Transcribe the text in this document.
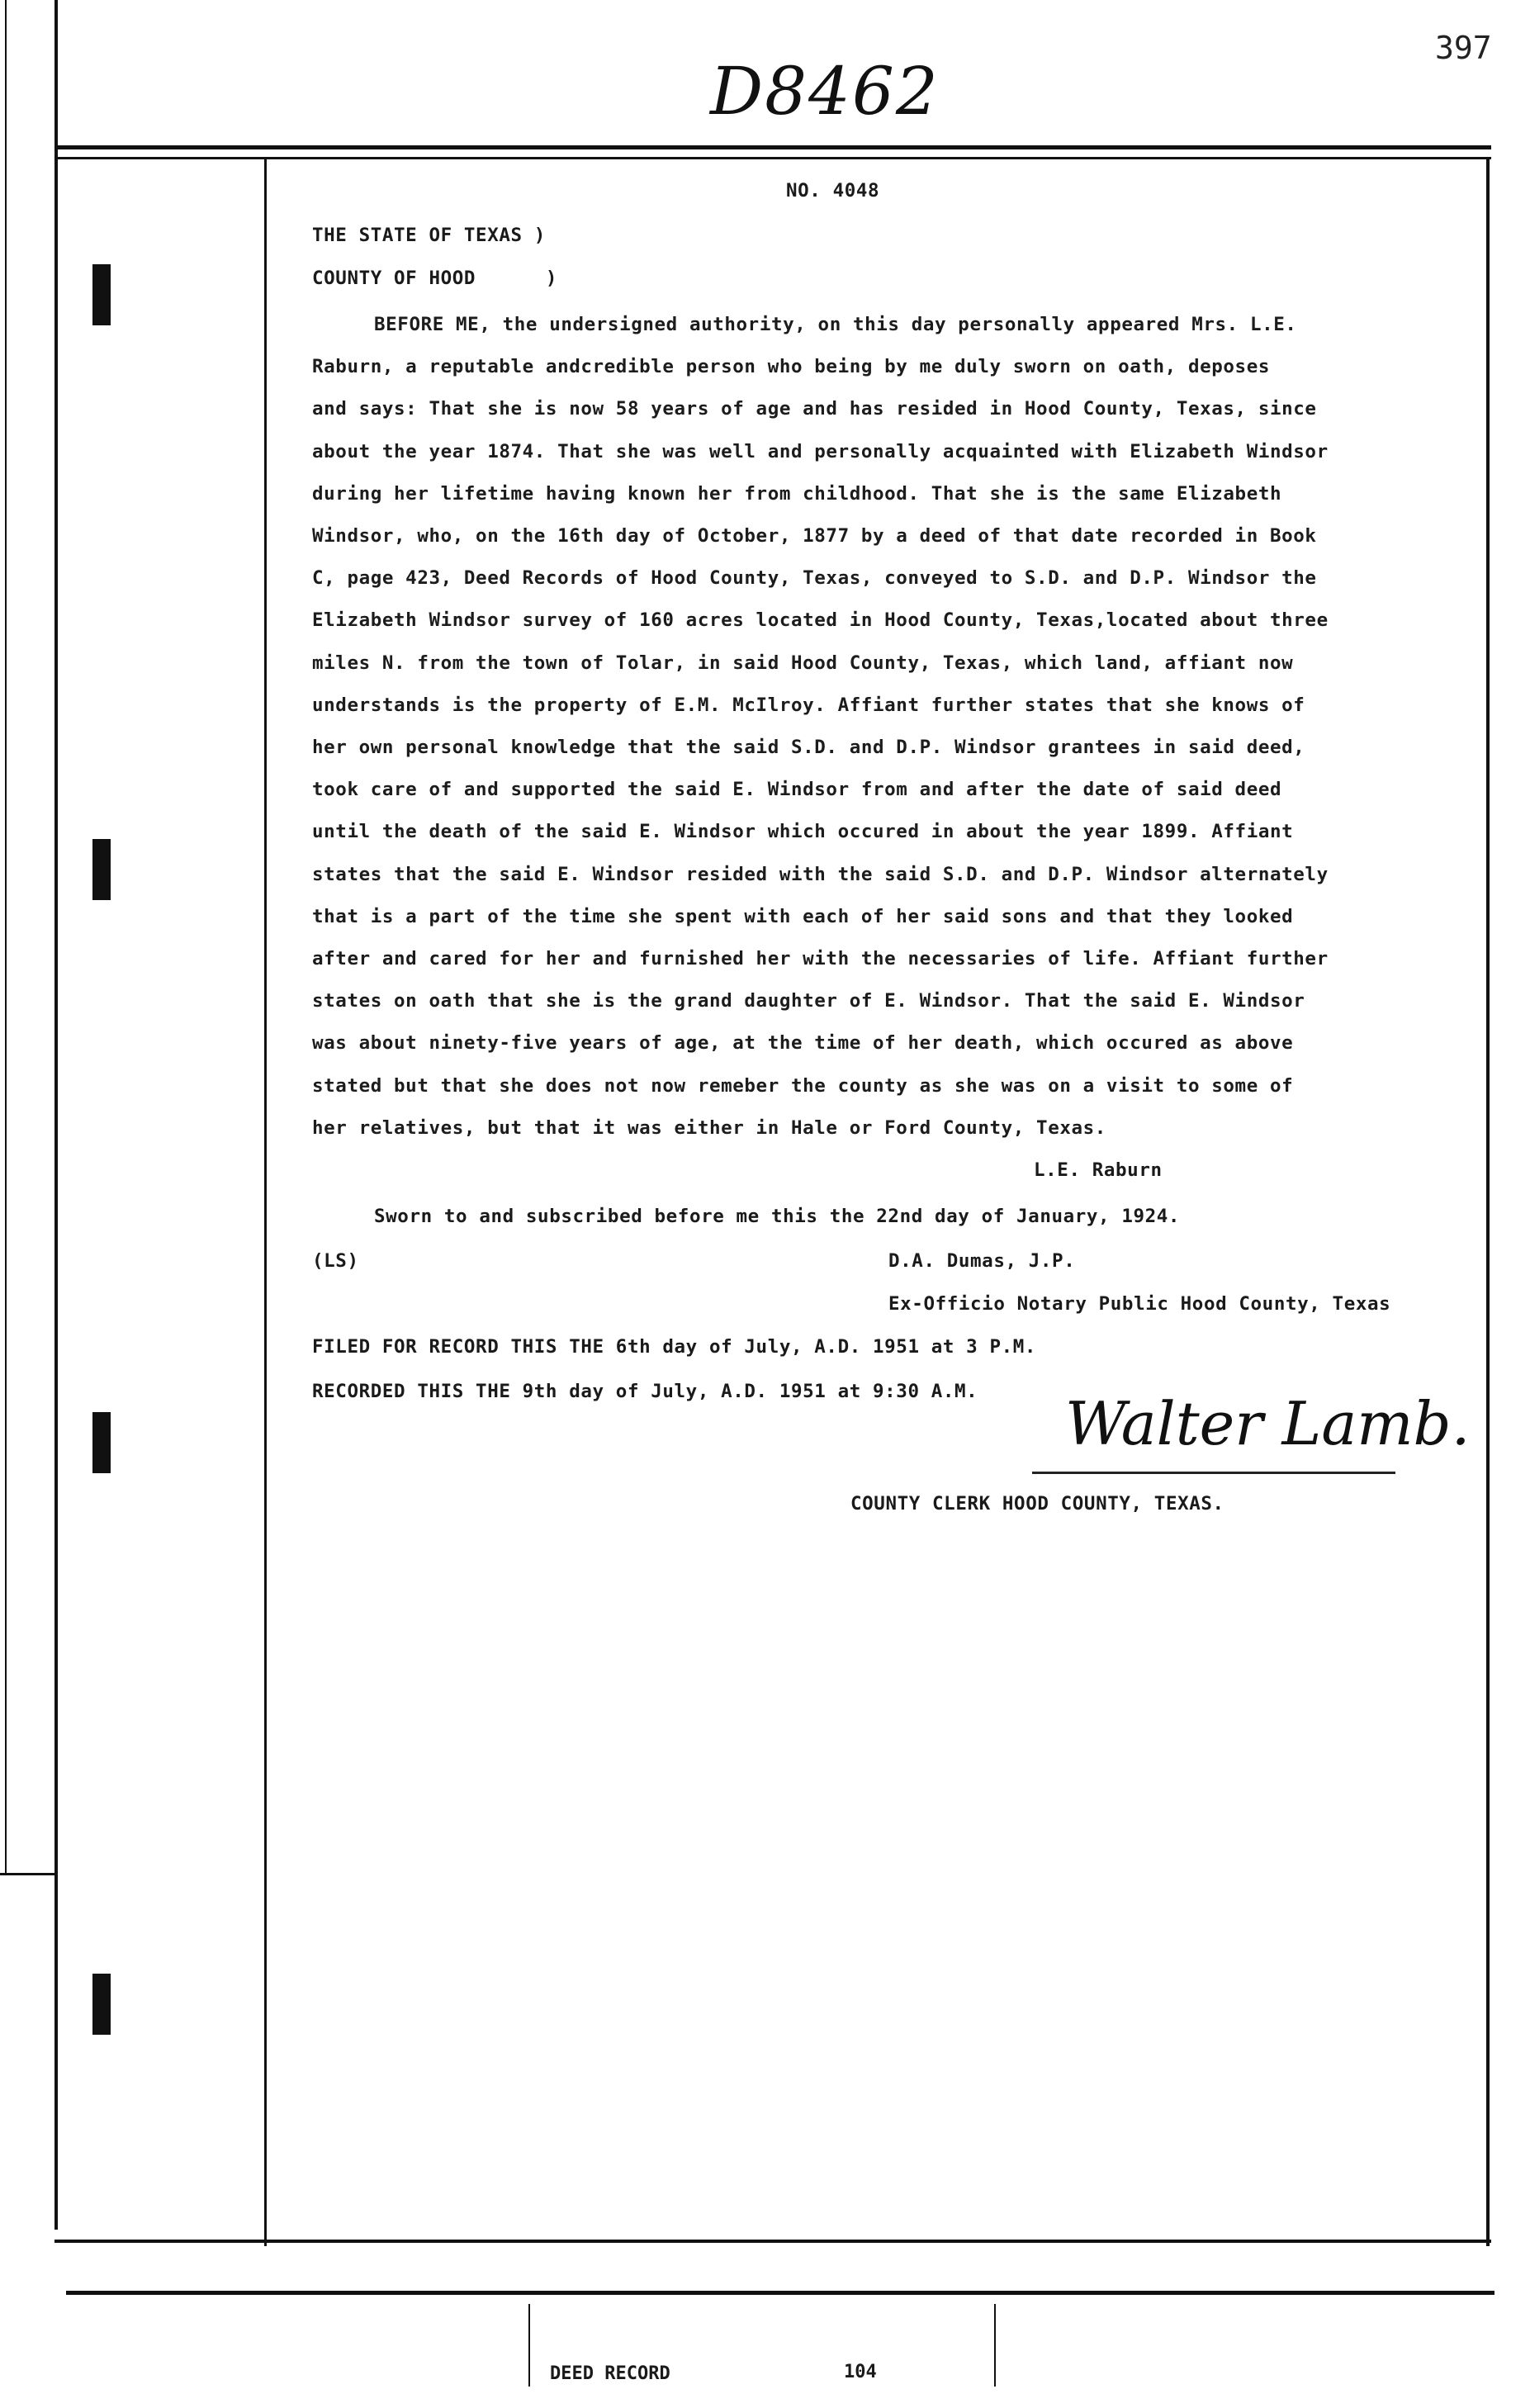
397
D8462
NO. 4048
THE STATE OF TEXAS )
COUNTY OF HOOD      )
BEFORE ME, the undersigned authority, on this day personally appeared Mrs. L.E.
Raburn, a reputable andcredible person who being by me duly sworn on oath, deposes
and says: That she is now 58 years of age and has resided in Hood County, Texas, since
about the year 1874. That she was well and personally acquainted with Elizabeth Windsor
during her lifetime having known her from childhood. That she is the same Elizabeth
Windsor, who, on the 16th day of October, 1877 by a deed of that date recorded in Book
C, page 423, Deed Records of Hood County, Texas, conveyed to S.D. and D.P. Windsor the
Elizabeth Windsor survey of 160 acres located in Hood County, Texas,located about three
miles N. from the town of Tolar, in said Hood County, Texas, which land, affiant now
understands is the property of E.M. McIlroy. Affiant further states that she knows of
her own personal knowledge that the said S.D. and D.P. Windsor grantees in said deed,
took care of and supported the said E. Windsor from and after the date of said deed
until the death of the said E. Windsor which occured in about the year 1899. Affiant
states that the said E. Windsor resided with the said S.D. and D.P. Windsor alternately
that is a part of the time she spent with each of her said sons and that they looked
after and cared for her and furnished her with the necessaries of life. Affiant further
states on oath that she is the grand daughter of E. Windsor. That the said E. Windsor
was about ninety-five years of age, at the time of her death, which occured as above
stated but that she does not now remeber the county as she was on a visit to some of
her relatives, but that it was either in Hale or Ford County, Texas.
L.E. Raburn
Sworn to and subscribed before me this the 22nd day of January, 1924.
(LS)	D.A. Dumas, J.P.
Ex-Officio Notary Public Hood County, Texas
FILED FOR RECORD THIS THE 6th day of July, A.D. 1951 at 3 P.M.
RECORDED THIS THE 9th day of July, A.D. 1951 at 9:30 A.M. Walter Lamb.
COUNTY CLERK HOOD COUNTY, TEXAS.
DEED RECORD	104
